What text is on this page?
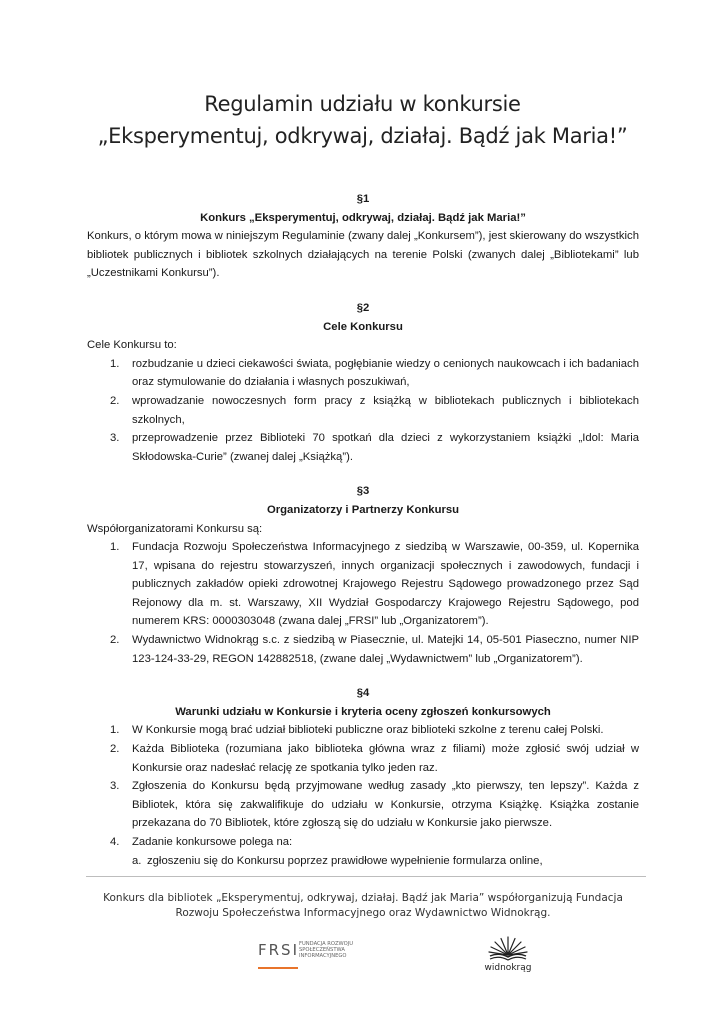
Regulamin udziału w konkursie
„Eksperymentuj, odkrywaj, działaj. Bądź jak Maria!”
§1
Konkurs „Eksperymentuj, odkrywaj, działaj. Bądź jak Maria!”
Konkurs, o którym mowa w niniejszym Regulaminie (zwany dalej „Konkursem”), jest skierowany do wszystkich bibliotek publicznych i bibliotek szkolnych działających na terenie Polski (zwanych dalej „Bibliotekami” lub „Uczestnikami Konkursu”).
§2
Cele Konkursu
Cele Konkursu to:
1. rozbudzanie u dzieci ciekawości świata, pogłębianie wiedzy o cenionych naukowcach i ich badaniach oraz stymulowanie do działania i własnych poszukiwań,
2. wprowadzanie nowoczesnych form pracy z książką w bibliotekach publicznych i bibliotekach szkolnych,
3. przeprowadzenie przez Biblioteki 70 spotkań dla dzieci z wykorzystaniem książki „Idol: Maria Skłodowska-Curie” (zwanej dalej „Książką”).
§3
Organizatorzy i Partnerzy Konkursu
Współorganizatorami Konkursu są:
1. Fundacja Rozwoju Społeczeństwa Informacyjnego z siedzibą w Warszawie, 00-359, ul. Kopernika 17, wpisana do rejestru stowarzyszeń, innych organizacji społecznych i zawodowych, fundacji i publicznych zakładów opieki zdrowotnej Krajowego Rejestru Sądowego prowadzonego przez Sąd Rejonowy dla m. st. Warszawy, XII Wydział Gospodarczy Krajowego Rejestru Sądowego, pod numerem KRS: 0000303048 (zwana dalej „FRSI” lub „Organizatorem”).
2. Wydawnictwo Widnokrąg s.c. z siedzibą w Piasecznie, ul. Matejki 14, 05-501 Piaseczno, numer NIP 123-124-33-29, REGON 142882518, (zwane dalej „Wydawnictwem” lub „Organizatorem”).
§4
Warunki udziału w Konkursie i kryteria oceny zgłoszeń konkursowych
1. W Konkursie mogą brać udział biblioteki publiczne oraz biblioteki szkolne z terenu całej Polski.
2. Każda Biblioteka (rozumiana jako biblioteka główna wraz z filiami) może zgłosić swój udział w Konkursie oraz nadesłać relację ze spotkania tylko jeden raz.
3. Zgłoszenia do Konkursu będą przyjmowane według zasady „kto pierwszy, ten lepszy”. Każda z Bibliotek, która się zakwalifikuje do udziału w Konkursie, otrzyma Książkę. Książka zostanie przekazana do 70 Bibliotek, które zgłoszą się do udziału w Konkursie jako pierwsze.
4. Zadanie konkursowe polega na:
a. zgłoszeniu się do Konkursu poprzez prawidłowe wypełnienie formularza online,
Konkurs dla bibliotek „Eksperymentuj, odkrywaj, działaj. Bądź jak Maria” współorganizują Fundacja Rozwoju Społeczeństwa Informacyjnego oraz Wydawnictwo Widnokrąg.
FRSI FUNDACJA ROZWOJU SPOŁECZEŃSTWA INFORMACYJNEGO
widnokrąg
